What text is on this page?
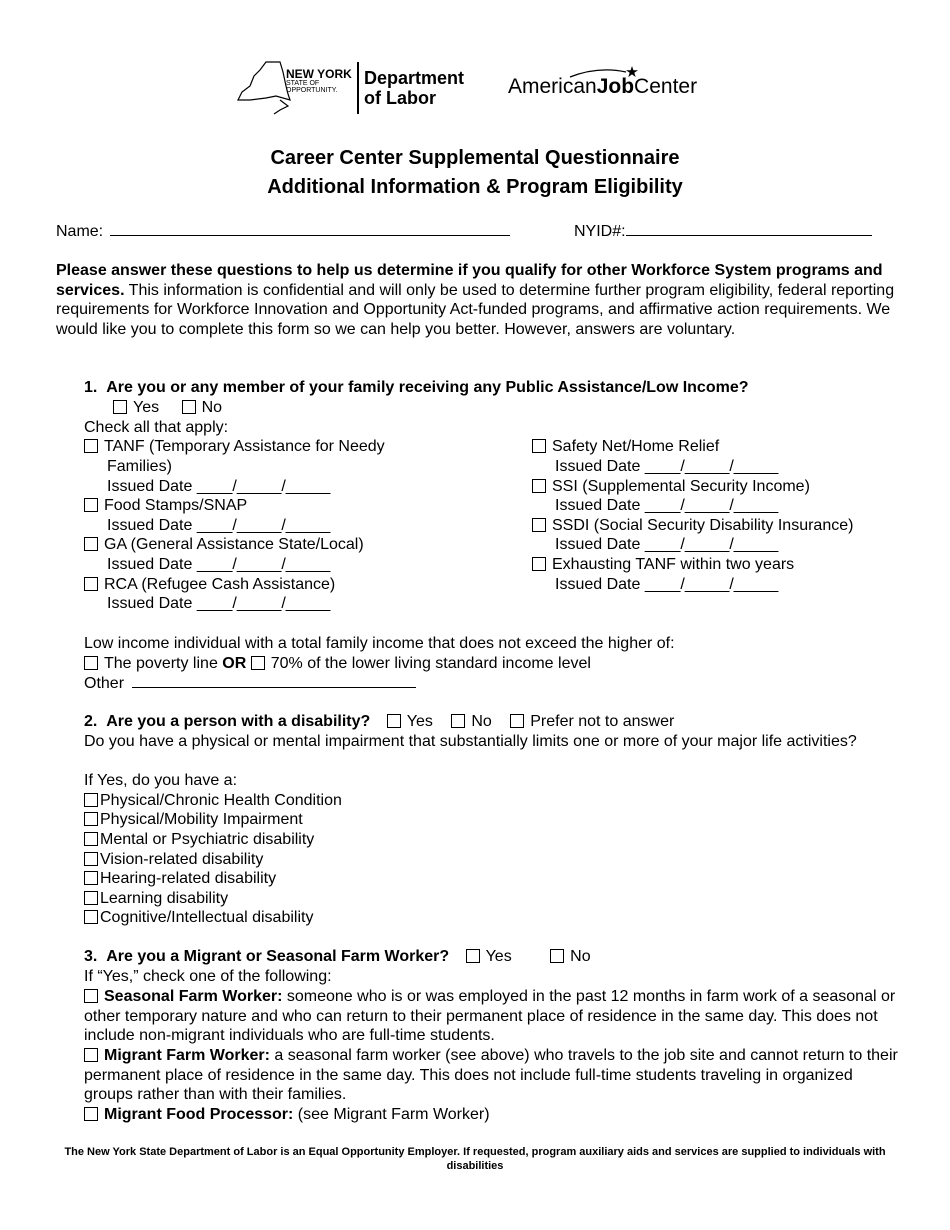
NEW YORK
STATE OF
OPPORTUNITY.
Department
of Labor	AmericanJobCenter
Career Center Supplemental Questionnaire
Additional Information & Program Eligibility
Name:	NYID#:
Please answer these questions to help us determine if you qualify for other Workforce System programs and services. This information is confidential and will only be used to determine further program eligibility, federal reporting requirements for Workforce Innovation and Opportunity Act-funded programs, and affirmative action requirements. We would like you to complete this form so we can help you better. However, answers are voluntary.
1.  Are you or any member of your family receiving any Public Assistance/Low Income?
Yes	No
Check all that apply:
TANF (Temporary Assistance for Needy
Families)
Issued Date ____/_____/_____
Food Stamps/SNAP
Issued Date ____/_____/_____
GA (General Assistance State/Local)
Issued Date ____/_____/_____
RCA (Refugee Cash Assistance)
Issued Date ____/_____/_____
Safety Net/Home Relief
Issued Date ____/_____/_____
SSI (Supplemental Security Income)
Issued Date ____/_____/_____
SSDI (Social Security Disability Insurance)
Issued Date ____/_____/_____
Exhausting TANF within two years
Issued Date ____/_____/_____
Low income individual with a total family income that does not exceed the higher of:
The poverty line OR 70% of the lower living standard income level
Other
2.  Are you a person with a disability? Yes No Prefer not to answer
Do you have a physical or mental impairment that substantially limits one or more of your major life activities?
If Yes, do you have a:
Physical/Chronic Health Condition
Physical/Mobility Impairment
Mental or Psychiatric disability
Vision-related disability
Hearing-related disability
Learning disability
Cognitive/Intellectual disability
3.  Are you a Migrant or Seasonal Farm Worker? Yes	No
If “Yes,” check one of the following:
Seasonal Farm Worker: someone who is or was employed in the past 12 months in farm work of a seasonal or other temporary nature and who can return to their permanent place of residence in the same day. This does not include non-migrant individuals who are full-time students.
Migrant Farm Worker: a seasonal farm worker (see above) who travels to the job site and cannot return to their permanent place of residence in the same day. This does not include full-time students traveling in organized groups rather than with their families.
Migrant Food Processor: (see Migrant Farm Worker)
The New York State Department of Labor is an Equal Opportunity Employer. If requested, program auxiliary aids and services are supplied to individuals with disabilities
